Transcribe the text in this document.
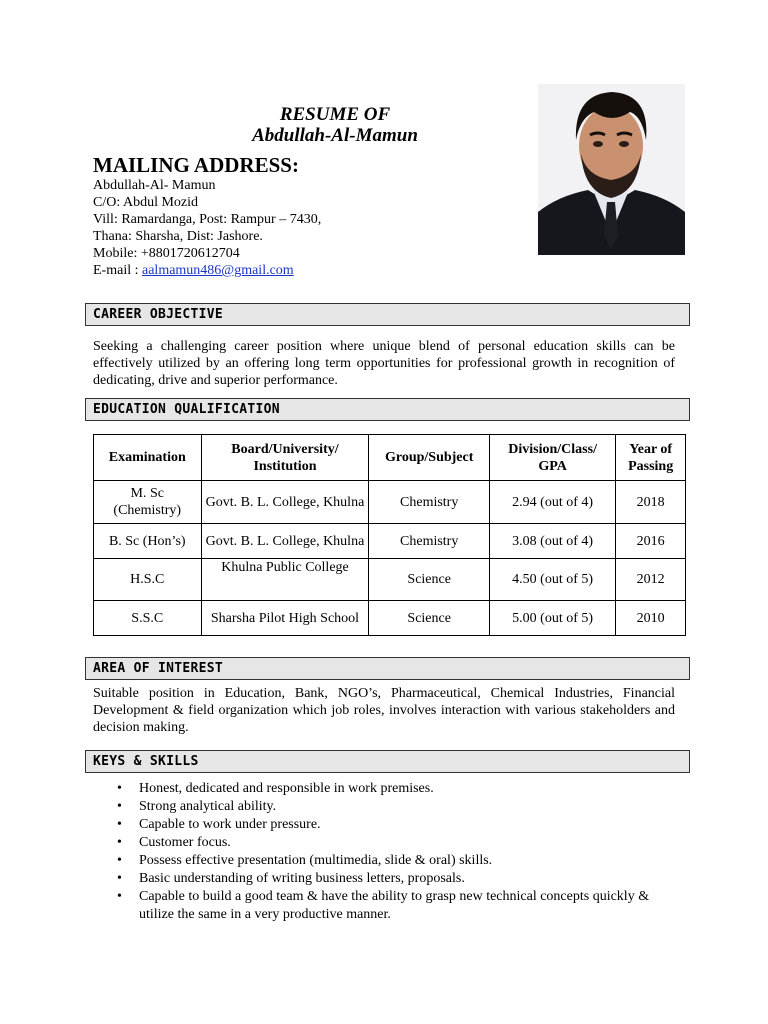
RESUME OF
Abdullah-Al-Mamun
MAILING ADDRESS:
Abdullah-Al- Mamun
C/O: Abdul Mozid
Vill: Ramardanga, Post: Rampur – 7430,
Thana: Sharsha, Dist: Jashore.
Mobile: +8801720612704
E-mail : aalmamun486@gmail.com
CAREER OBJECTIVE
Seeking a challenging career position where unique blend of personal education skills can be effectively utilized by an offering long term opportunities for professional growth in recognition of dedicating, drive and superior performance.
EDUCATION QUALIFICATION
Examination	Board/University/ Institution	Group/Subject	Division/Class/ GPA	Year of Passing
M. Sc (Chemistry)	Govt. B. L. College, Khulna	Chemistry	2.94 (out of 4)	2018
B. Sc (Hon’s)	Govt. B. L. College, Khulna	Chemistry	3.08 (out of 4)	2016
H.S.C	Khulna Public College	Science	4.50 (out of 5)	2012
S.S.C	Sharsha Pilot High School	Science	5.00 (out of 5)	2010
AREA OF INTEREST
Suitable position in Education, Bank, NGO’s, Pharmaceutical, Chemical Industries, Financial Development & field organization which job roles, involves interaction with various stakeholders and decision making.
KEYS & SKILLS
• Honest, dedicated and responsible in work premises.
• Strong analytical ability.
• Capable to work under pressure.
• Customer focus.
• Possess effective presentation (multimedia, slide & oral) skills.
• Basic understanding of writing business letters, proposals.
• Capable to build a good team & have the ability to grasp new technical concepts quickly & utilize the same in a very productive manner.
